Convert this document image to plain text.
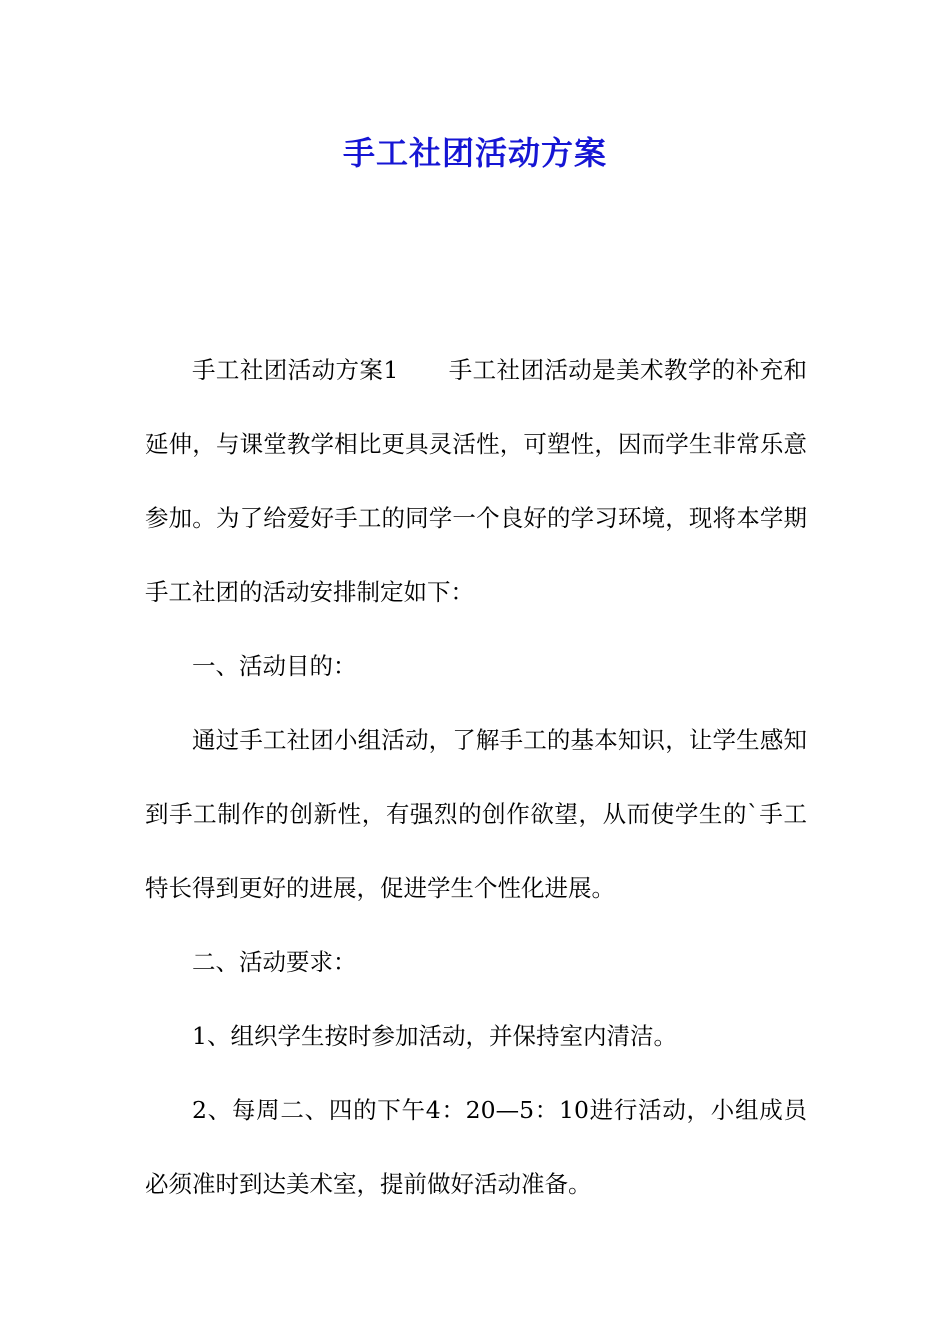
手工社团活动方案

手工社团活动方案1 手工社团活动是美术教学的补充和延伸，与课堂教学相比更具灵活性，可塑性，因而学生非常乐意参加。为了给爱好手工的同学一个良好的学习环境，现将本学期手工社团的活动安排制定如下：

一、活动目的：

通过手工社团小组活动，了解手工的基本知识，让学生感知到手工制作的创新性，有强烈的创作欲望，从而使学生的`手工特长得到更好的进展，促进学生个性化进展。

二、活动要求：

1、组织学生按时参加活动，并保持室内清洁。

2、每周二、四的下午4：20—5：10进行活动，小组成员必须准时到达美术室，提前做好活动准备。
